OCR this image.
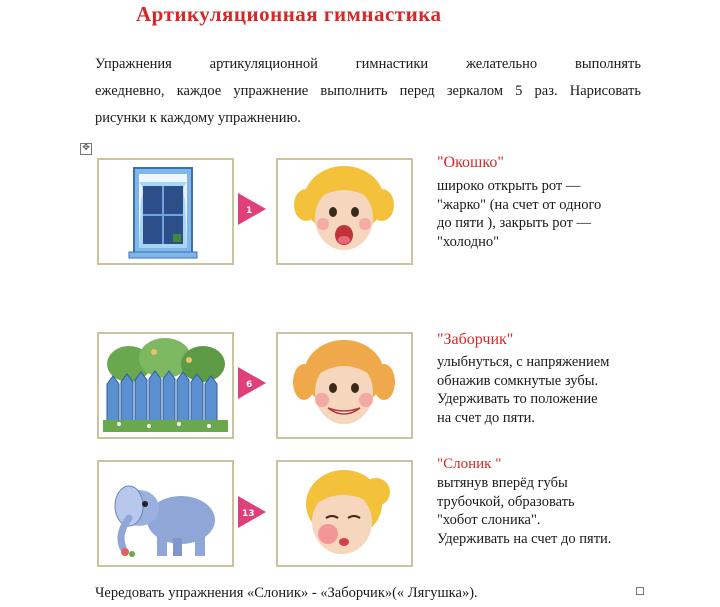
Артикуляционная гимнастика
Упражнения артикуляционной гимнастики желательно выполнять
ежедневно, каждое упражнение выполнить перед зеркалом 5 раз. Нарисовать
рисунки к каждому упражнению.
✥
1
"Окошко"
широко открыть рот —
"жарко" (на счет от одного
до пяти ), закрыть рот —
"холодно"
6
"Заборчик"
улыбнуться, с напряжением
обнажив сомкнутые зубы.
Удерживать то положение
на счет до пяти.
13
"Слоник "
вытянув вперёд губы
трубочкой, образовать
"хобот слоника".
Удерживать на счет до пяти.
Чередовать упражнения «Слоник» - «Заборчик»(« Лягушка»).
